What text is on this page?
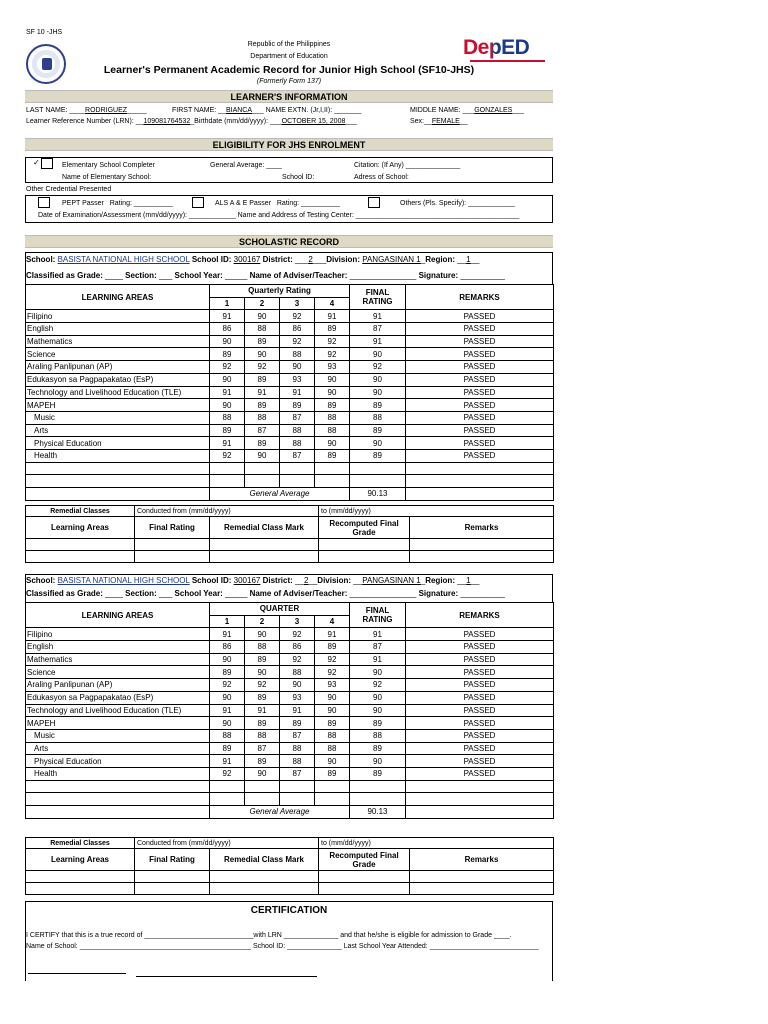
SF 10 -JHS
Republic of the Philippines
Department of Education
Learner's Permanent Academic Record for Junior High School (SF10-JHS)
(Formerly Form 137)
DepED
LEARNER'S INFORMATION
LAST NAME: ____RODRIGUEZ_____	FIRST NAME: __BIANCA___ NAME EXTN. (Jr,I,II): _______	MIDDLE NAME: ___GONZALES___
Learner Reference Number (LRN): __109081764532_Birthdate (mm/dd/yyyy): ___OCTOBER 15, 2008___	Sex:__FEMALE__
ELIGIBILITY FOR JHS ENROLMENT
✓	Elementary School Completer	General Average: ____	Citation: (If Any) ______________
Name of Elementary School:	School ID:	Adress of School:
Other Credential Presented
PEPT Passer Rating: __________	ALS A & E Passer Rating: __________	Others (Pls. Specify): ____________
Date of Examination/Assessment (mm/dd/yyyy): ____________ Name and Address of Testing Center: __________________________________________
SCHOLASTIC RECORD
School: BASISTA NATIONAL HIGH SCHOOL School ID: 300167 District: ___2___Division: PANGASINAN 1_Region: __1__
Classified as Grade: ____ Section: ___ School Year: _____ Name of Adviser/Teacher: _______________ Signature: __________
LEARNING AREAS	Quarterly Rating				FINAL RATING	REMARKS
	1	2	3	4		
Filipino	91	90	92	91	91	PASSED
English	86	88	86	89	87	PASSED
Mathematics	90	89	92	92	91	PASSED
Science	89	90	88	92	90	PASSED
Araling Panlipunan (AP)	92	92	90	93	92	PASSED
Edukasyon sa Pagpapakatao (EsP)	90	89	93	90	90	PASSED
Technology and Livelihood Education (TLE)	91	91	91	90	90	PASSED
MAPEH	90	89	89	89	89	PASSED
Music	88	88	87	88	88	PASSED
Arts	89	87	88	88	89	PASSED
Physical Education	91	89	88	90	90	PASSED
Health	92	90	87	89	89	PASSED

	General Average				90.13	
Remedial Classes	Conducted from (mm/dd/yyyy)		to (mm/dd/yyyy)	
Learning Areas	Final Rating	Remedial Class Mark	Recomputed Final Grade	Remarks

School: BASISTA NATIONAL HIGH SCHOOL School ID: 300167 District: __2__Division: __PANGASINAN 1_Region: __1__
Classified as Grade: ____ Section: ___ School Year: _____ Name of Adviser/Teacher: _______________ Signature: __________
LEARNING AREAS	QUARTER				FINAL RATING	REMARKS
	1	2	3	4		
Filipino	91	90	92	91	91	PASSED
English	86	88	86	89	87	PASSED
Mathematics	90	89	92	92	91	PASSED
Science	89	90	88	92	90	PASSED
Araling Panlipunan (AP)	92	92	90	93	92	PASSED
Edukasyon sa Pagpapakatao (EsP)	90	89	93	90	90	PASSED
Technology and Livelihood Education (TLE)	91	91	91	90	90	PASSED
MAPEH	90	89	89	89	89	PASSED
Music	88	88	87	88	88	PASSED
Arts	89	87	88	88	89	PASSED
Physical Education	91	89	88	90	90	PASSED
Health	92	90	87	89	89	PASSED

	General Average				90.13	
Remedial Classes	Conducted from (mm/dd/yyyy)		to (mm/dd/yyyy)	
Learning Areas	Final Rating	Remedial Class Mark	Recomputed Final Grade	Remarks

CERTIFICATION
I CERTIFY that this is a true record of ____________________________with LRN ______________ and that he/she is eligible for admission to Grade ____.
Name of School: ____________________________________________ School ID: ______________ Last School Year Attended: ____________________________
